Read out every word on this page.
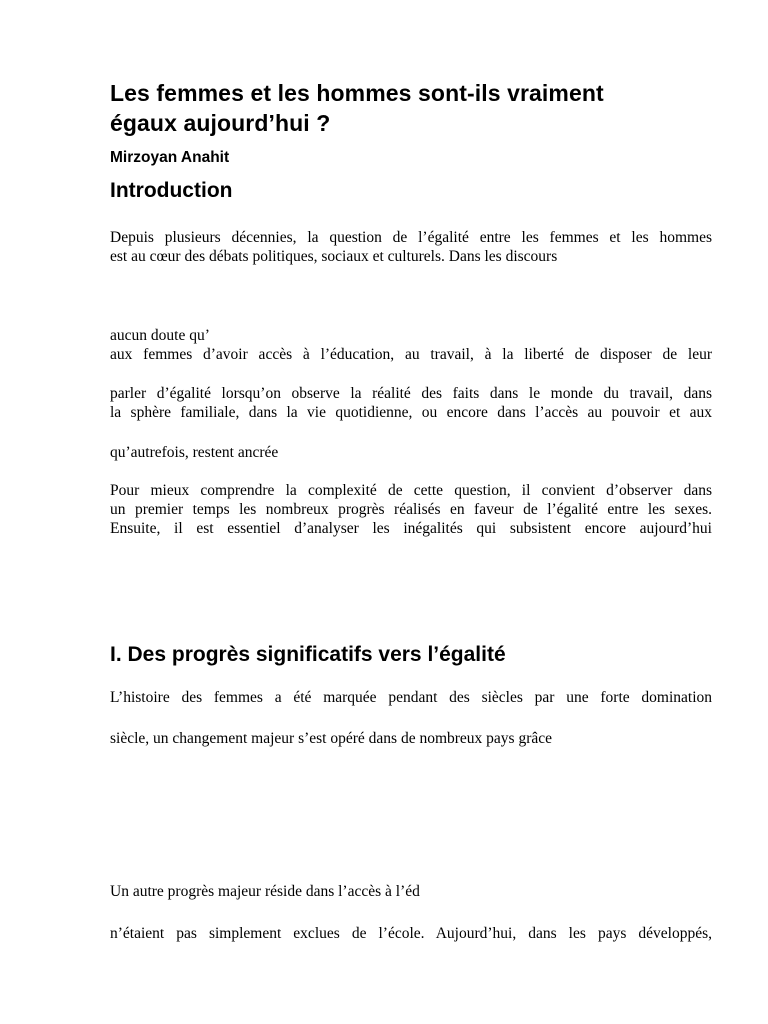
Les femmes et les hommes sont-ils vraiment
égaux aujourd’hui ?
Mirzoyan Anahit
Introduction
Depuis plusieurs décennies, la question de l’égalité entre les femmes et les hommes
est au cœur des débats politiques, sociaux et culturels. Dans les discours
aucun doute qu’
aux femmes d’avoir accès à l’éducation, au travail, à la liberté de disposer de leur
parler d’égalité lorsqu’on observe la réalité des faits dans le monde du travail, dans
la sphère familiale, dans la vie quotidienne, ou encore dans l’accès au pouvoir et aux
qu’autrefois, restent ancrée
Pour mieux comprendre la complexité de cette question, il convient d’observer dans
un premier temps les nombreux progrès réalisés en faveur de l’égalité entre les sexes.
Ensuite, il est essentiel d’analyser les inégalités qui subsistent encore aujourd’hui
I. Des progrès significatifs vers l’égalité
L’histoire des femmes a été marquée pendant des siècles par une forte domination
siècle, un changement majeur s’est opéré dans de nombreux pays grâce
Un autre progrès majeur réside dans l’accès à l’éd
n’étaient pas simplement exclues de l’école. Aujourd’hui, dans les pays développés,
